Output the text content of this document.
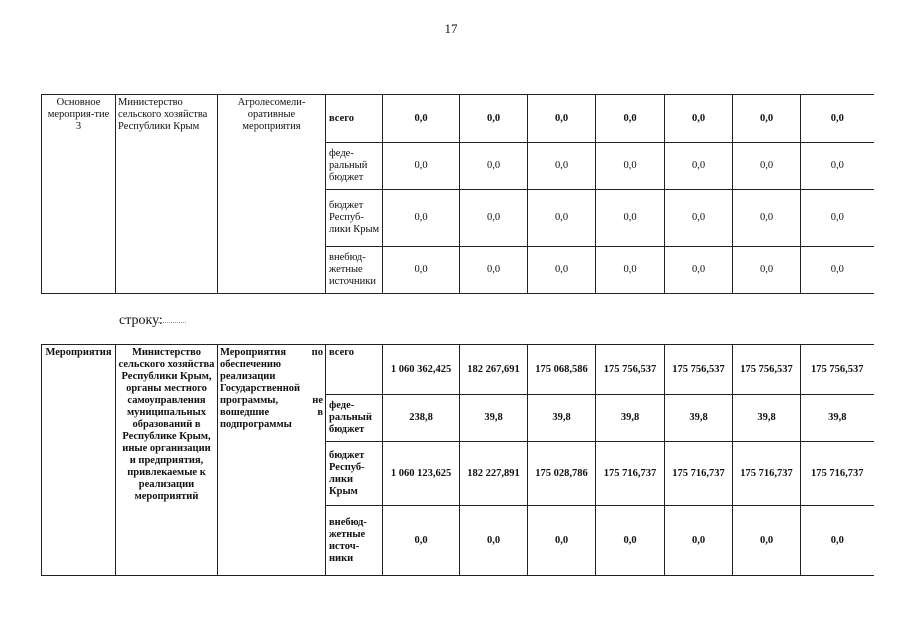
17
Основное мероприя-тие 3	Министерство сельского хозяйства Республики Крым	Агролесомели-оративные мероприятия	всего	0,0	0,0	0,0	0,0	0,0	0,0	0,0
			феде-ральный бюджет	0,0	0,0	0,0	0,0	0,0	0,0	0,0
			бюджет Респуб-лики Крым	0,0	0,0	0,0	0,0	0,0	0,0	0,0
			внебюд-жетные источники	0,0	0,0	0,0	0,0	0,0	0,0	0,0
строку:
Мероприятия	Министерство сельского хозяйства Республики Крым, органы местного самоуправления муниципальных образований в Республике Крым, иные организации и предприятия, привлекаемые к реализации мероприятий	Мероприятия по обеспечению реализации Государственной программы, не вошедшие в подпрограммы	всего	1 060 362,425	182 267,691	175 068,586	175 756,537	175 756,537	175 756,537	175 756,537
			феде-ральный бюджет	238,8	39,8	39,8	39,8	39,8	39,8	39,8
			бюджет Респуб-лики Крым	1 060 123,625	182 227,891	175 028,786	175 716,737	175 716,737	175 716,737	175 716,737
			внебюд-жетные источ-ники	0,0	0,0	0,0	0,0	0,0	0,0	0,0
